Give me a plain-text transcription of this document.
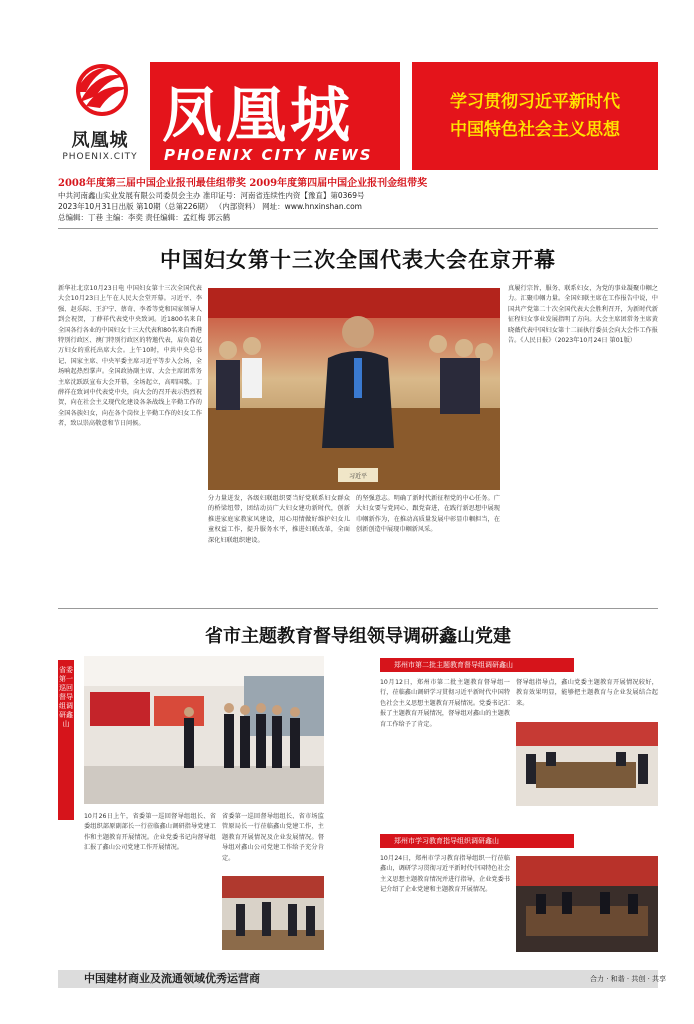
凤凰城
PHOENIX.CITY
凤凰城
PHOENIX CITY NEWS
学习贯彻习近平新时代
中国特色社会主义思想
2008年度第三届中国企业报刊最佳组带奖 2009年度第四届中国企业报刊金组带奖
中共河南鑫山实业发展有限公司委员会主办 准印证号：河南省连续性内资【豫直】第0369号
2023年10月31日出版 第10期（总第226期） （内部资料） 网址：www.hnxinshan.com
总编辑：丁巷 主编：李奕 责任编辑：孟红梅 郭云鹤
中国妇女第十三次全国代表大会在京开幕
新华社北京10月23日电 中国妇女第十三次全国代表大会10月23日上午在人民大会堂开幕。习近平、李强、赵乐际、王沪宁、蔡奇、李希等党和国家领导人到会祝贺，丁薛祥代表党中央致词。近1800名来自全国各行各业的中国妇女十三大代表和80名来自香港特别行政区、澳门特别行政区的特邀代表，肩负着亿万妇女的重托出席大会。上午10时，中共中央总书记、国家主席、中央军委主席习近平等步入会场，全场响起热烈掌声。全国政协副主席、大会主席团常务主席沈跃跃宣布大会开幕，全场起立，高唱国歌。丁薛祥在致词中代表党中央，向大会的召开表示热烈祝贺，向在社会主义现代化建设各条战线上辛勤工作的全国各族妇女，向在各个岗位上辛勤工作的妇女工作者，致以崇高敬意和节日问候。
习近平
分力量迸发，各级妇联组织要当好党联系妇女群众的桥梁纽带，团结动员广大妇女建功新时代，创新推进家庭家教家风建设，用心用情做好维护妇女儿童权益工作，提升服务水平，推进妇联改革，全面深化妇联组织建设。
的坚强意志。明确了新时代新征程党的中心任务。广大妇女要与党同心、跟党奋进，在践行新思想中展现巾帼新作为，在推动高质量发展中彰显巾帼担当，在创新创造中展现巾帼新风采。
真履行宗旨，服务、联系妇女，为党的事业凝聚巾帼之力。汇聚巾帼力量。全国妇联主席在工作报告中说，中国共产党第二十次全国代表大会胜利召开，为新时代新征程妇女事业发展指明了方向。大会主席团常务主席黄晓薇代表中国妇女第十二届执行委员会向大会作工作报告。《人民日报》（2023年10月24日 第01版）
省市主题教育督导组领导调研鑫山党建
省委第一巡回督导组调研鑫山
10月26日上午，省委第一巡回督导组组长、省委组织部原副部长一行莅临鑫山调研指导党建工作和主题教育开展情况。企业党委书记向督导组汇报了鑫山公司党建工作开展情况。
省委第一巡回督导组组长、省市场监管原局长一行莅临鑫山党建工作，主题教育开展情况及企业发展情况。督导组对鑫山公司党建工作给予充分肯定。
郑州市第二批主题教育督导组调研鑫山
10月12日，郑州市第二批主题教育督导组一行，莅临鑫山调研学习贯彻习近平新时代中国特色社会主义思想主题教育开展情况。党委书记汇报了主题教育开展情况，督导组对鑫山的主题教育工作给予了肯定。
督导组指导点，鑫山党委主题教育开展情况较好，教育效果明显，能够把主题教育与企业发展结合起来。
郑州市学习教育指导组织调研鑫山
10月24日，郑州市学习教育指导组织一行莅临鑫山，调研学习贯彻习近平新时代中国特色社会主义思想主题教育情况并进行指导，企业党委书记介绍了企业党建和主题教育开展情况。
中国建材商业及流通领域优秀运营商	合力 · 和谐 · 共创 · 共享
